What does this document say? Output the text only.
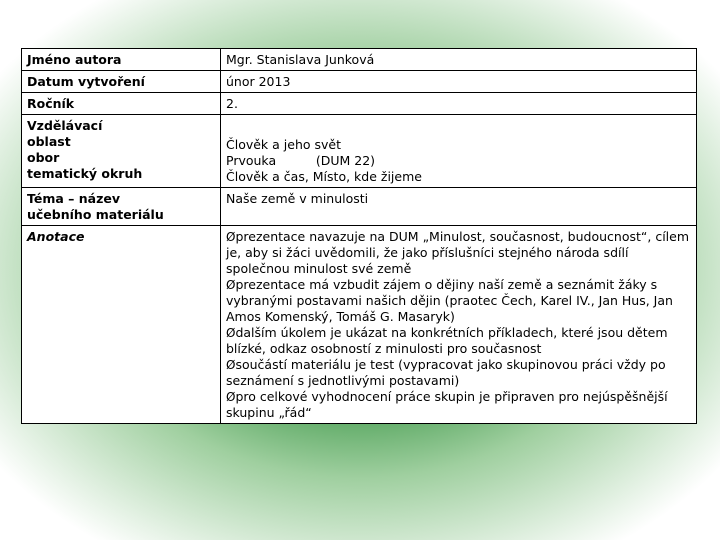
Jméno autora	Mgr. Stanislava Junková
Datum vytvoření	únor 2013
Ročník	2.

Vzdělávací
oblast
obor
tematický okruh	Člověk a jeho svět
Prvouka          (DUM 22)
Člověk a čas, Místo, kde žijeme

Téma – název
učebního materiálu	Naše země v minulosti
Anotace	Øprezentace navazuje na DUM „Minulost, současnost, budoucnost“, cílem je, aby si žáci uvědomili, že jako příslušníci stejného národa sdílí společnou minulost své země
Øprezentace má vzbudit zájem o dějiny naší země a seznámit žáky s vybranými postavami našich dějin (praotec Čech, Karel IV., Jan Hus, Jan Amos Komenský, Tomáš G. Masaryk)
Ødalším úkolem je ukázat na konkrétních příkladech, které jsou dětem blízké, odkaz osobností z minulosti pro současnost
Øsoučástí materiálu je test (vypracovat jako skupinovou práci vždy po seznámení s jednotlivými postavami)
Øpro celkové vyhodnocení práce skupin je připraven pro nejúspěšnější skupinu „řád“
